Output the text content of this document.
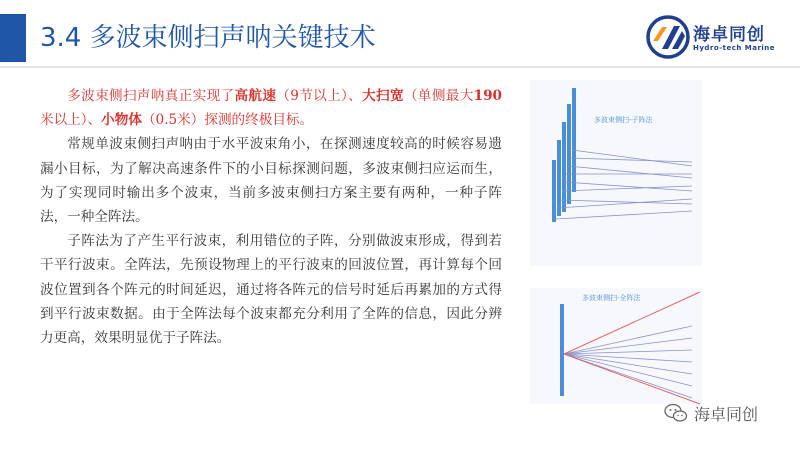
3.4 多波束侧扫声呐关键技术	海卓同创
Hydro-tech Marine

多波束侧扫声呐真正实现了高航速（9节以上）、大扫宽（单侧最大190米以上）、小物体（0.5米）探测的终极目标。

常规单波束侧扫声呐由于水平波束角小，在探测速度较高的时候容易遗漏小目标，为了解决高速条件下的小目标探测问题，多波束侧扫应运而生，为了实现同时输出多个波束，当前多波束侧扫方案主要有两种，一种子阵法，一种全阵法。

子阵法为了产生平行波束，利用错位的子阵，分别做波束形成，得到若干平行波束。全阵法，先预设物理上的平行波束的回波位置，再计算每个回波位置到各个阵元的时间延迟，通过将各阵元的信号时延后再累加的方式得到平行波束数据。由于全阵法每个波束都充分利用了全阵的信息，因此分辨力更高，效果明显优于子阵法。

多波束侧扫-子阵法
多波束侧扫-全阵法
海卓同创
